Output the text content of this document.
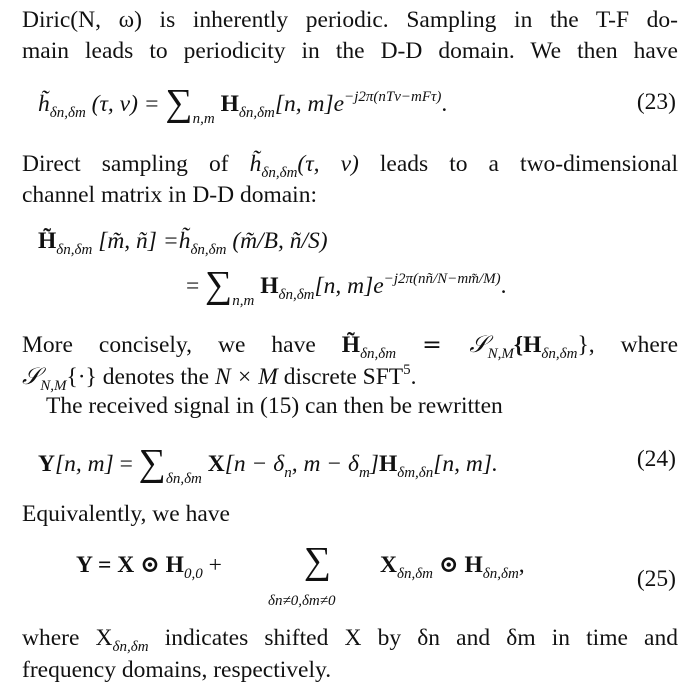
Diric(N, ω) is inherently periodic. Sampling in the T-F do-
main leads to periodicity in the D-D domain. We then have
$h̃_{\delta n,\delta m}$ (τ, $\nu) = \sum_{n,m}$ $H_{\delta n,\delta m}[n$, $m]e^{-j2\pi(nT\nu-mF\tau)}$.	(23)
Direct sampling of $h̃_{\delta n,\delta m}(\tau$, ν) leads to a two-dimensional
channel matrix in D-D domain:
$H̃_{\delta n,\delta m}$ [m̃, ñ] $=h̃_{\delta n,\delta m}$ (m̃/B, ñ/S)
= $\sum_{n,m}$ $H_{\delta n,\delta m}[n$, $m]e^{-j2\pi(nñ/N-mm̃/M)}$.
More concisely, we have $H̃_{\delta n,\delta m}$ = $𝒮_{N,M}\{H_{\delta n,\delta m}\}$, where
𝒮$_{N,M}${·} denotes the N × M discrete SFT$^5$.
The received signal in (15) can then be rewritten
Y[n, $m] = \sum_{\delta n,\delta m}$ $X[n - \delta_n$, $m - \delta_m]H_{\delta m,\delta n}[n$, m].	(24)
Equivalently, we have
Y = X ⊙ $H_{0,0}$ + ∑
δn≠0,δm≠0
$X_{\delta n,\delta m}$ ⊙ $H_{\delta n,\delta m}$,
(25)
where $X_{\delta n,\delta m}$ indicates shifted X by δn and δm in time and
frequency domains, respectively.
